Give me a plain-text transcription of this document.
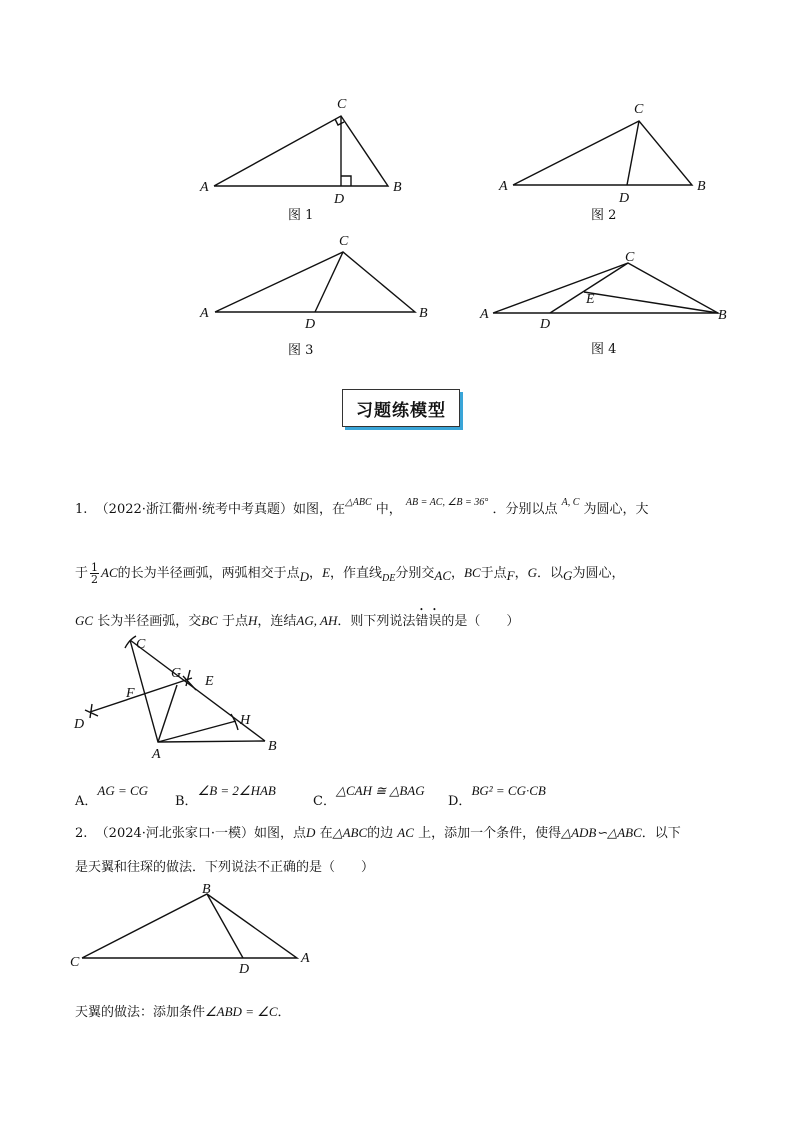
A	B
C
D
图 1
A	B
C
D
图 2
A	B
C
D
图 3
A	B
C
D
E
图 4
习题练模型
1. （2022·浙江衢州·统考中考真题）如图，在$^{\triangle ABC}$ 中， $^{AB = AC, \angle B = 36^\circ}$ ．分别以点 $^{A, C}$ 为圆心，大
于 $\frac{1}{2}$ AC的长为半径画弧，两弧相交于点D，E，作直线$_{DE}$分别交AC，BC于点F，G．以G为圆心，
GC 长为半径画弧，交BC 于点H，连结AG, AH．则下列说法错误的是（　　）
C
G
E
F
D	H
A
B
A．AG = CG
B．∠B = 2∠HAB
C．△CAH ≅ △BAG
D．BG² = CG·CB
2. （2024·河北张家口·一模）如图，点D 在△ABC的边 AC 上，添加一个条件，使得△ADB∽△ABC．以下
是天翼和往琛的做法．下列说法不正确的是（　　）
B
C	D
A
天翼的做法：添加条件∠ABD = ∠C．
